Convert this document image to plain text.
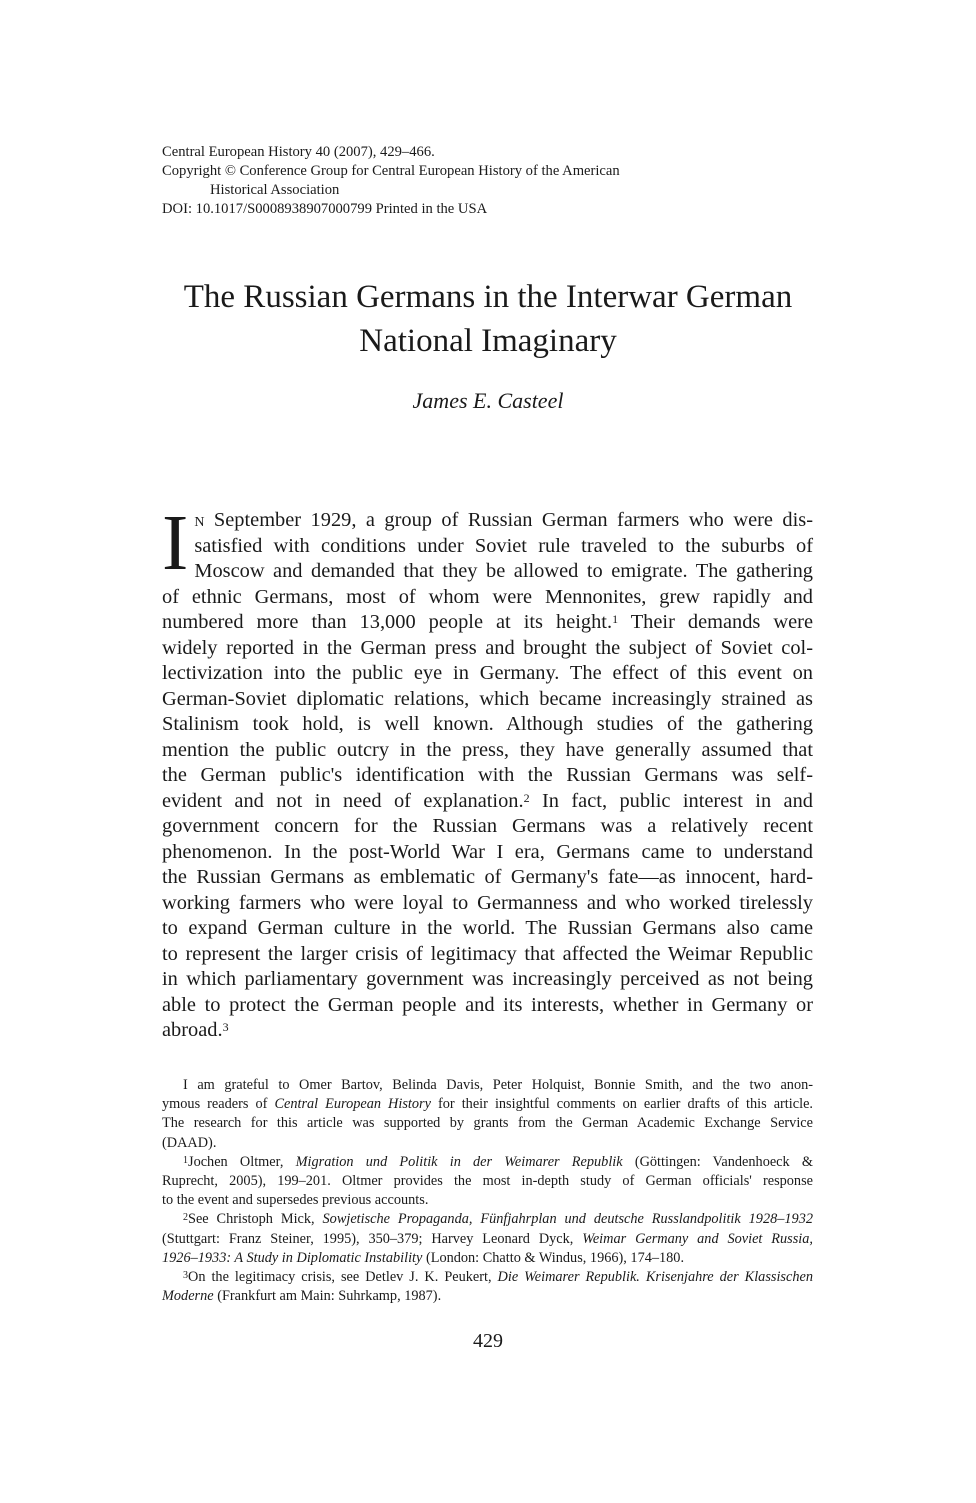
Central European History 40 (2007), 429–466.
Copyright © Conference Group for Central European History of the American
Historical Association
DOI: 10.1017/S0008938907000799 Printed in the USA
The Russian Germans in the Interwar German
National Imaginary
James E. Casteel
I n September 1929, a group of Russian German farmers who were dis-
satisfied with conditions under Soviet rule traveled to the suburbs of
Moscow and demanded that they be allowed to emigrate. The gathering
of ethnic Germans, most of whom were Mennonites, grew rapidly and
numbered more than 13,000 people at its height.$^1$ Their demands were
widely reported in the German press and brought the subject of Soviet col-
lectivization into the public eye in Germany. The effect of this event on
German-Soviet diplomatic relations, which became increasingly strained as
Stalinism took hold, is well known. Although studies of the gathering
mention the public outcry in the press, they have generally assumed that
the German public's identification with the Russian Germans was self-
evident and not in need of explanation.$^2$ In fact, public interest in and
government concern for the Russian Germans was a relatively recent
phenomenon. In the post-World War I era, Germans came to understand
the Russian Germans as emblematic of Germany's fate—as innocent, hard-
working farmers who were loyal to Germanness and who worked tirelessly
to expand German culture in the world. The Russian Germans also came
to represent the larger crisis of legitimacy that affected the Weimar Republic
in which parliamentary government was increasingly perceived as not being
able to protect the German people and its interests, whether in Germany or
abroad.$^3$
I am grateful to Omer Bartov, Belinda Davis, Peter Holquist, Bonnie Smith, and the two anon-
ymous readers of Central European History for their insightful comments on earlier drafts of this article.
The research for this article was supported by grants from the German Academic Exchange Service
(DAAD).
$^1$Jochen Oltmer, Migration und Politik in der Weimarer Republik (Göttingen: Vandenhoeck &
Ruprecht, 2005), 199–201. Oltmer provides the most in-depth study of German officials' response
to the event and supersedes previous accounts.
$^2$See Christoph Mick, Sowjetische Propaganda, Fünfjahrplan und deutsche Russlandpolitik 1928–1932
(Stuttgart: Franz Steiner, 1995), 350–379; Harvey Leonard Dyck, Weimar Germany and Soviet Russia,
1926–1933: A Study in Diplomatic Instability (London: Chatto & Windus, 1966), 174–180.
$^3$On the legitimacy crisis, see Detlev J. K. Peukert, Die Weimarer Republik. Krisenjahre der Klassischen
Moderne (Frankfurt am Main: Suhrkamp, 1987).
429
